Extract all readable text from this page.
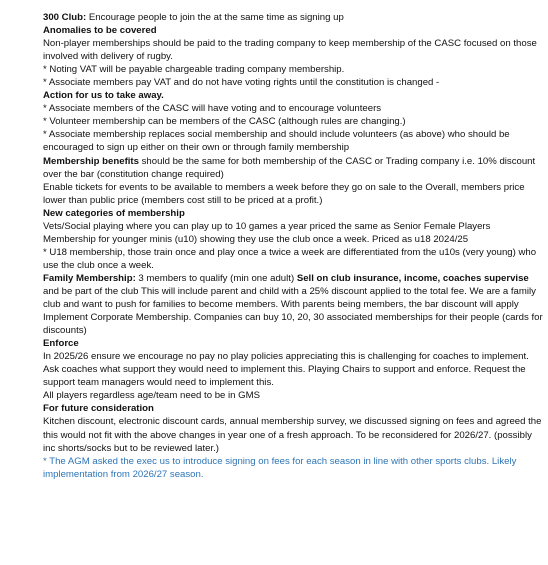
300 Club: Encourage people to join the at the same time as signing up

Anomalies to be covered

Non-player memberships should be paid to the trading company to keep membership of the CASC focused on those involved with delivery of rugby.

* Noting VAT will be payable chargeable trading company membership.

* Associate members pay VAT and do not have voting rights until the constitution is changed -

Action for us to take away.

* Associate members of the CASC will have voting and to encourage volunteers

* Volunteer membership can be members of the CASC (although rules are changing.)

* Associate membership replaces social membership and should include volunteers (as above) who should be encouraged to sign up either on their own or through family membership

Membership benefits should be the same for both membership of the CASC or Trading company i.e. 10% discount over the bar (constitution change required)

Enable tickets for events to be available to members a week before they go on sale to the Overall, members price lower than public price (members cost still to be priced at a profit.)

New categories of membership

Vets/Social playing where you can play up to 10 games a year priced the same as Senior Female Players

Membership for younger minis (u10) showing they use the club once a week. Priced as u18 2024/25

* U18 membership, those train once and play once a twice a week are differentiated from the u10s (very young) who use the club once a week.

Family Membership: 3 members to qualify (min one adult) Sell on club insurance, income, coaches supervise and be part of the club This will include parent and child with a 25% discount applied to the total fee. We are a family club and want to push for families to become members. With parents being members, the bar discount will apply

Implement Corporate Membership. Companies can buy 10, 20, 30 associated memberships for their people (cards for discounts)

Enforce

In 2025/26 ensure we encourage no pay no play policies appreciating this is challenging for coaches to implement. Ask coaches what support they would need to implement this. Playing Chairs to support and enforce. Request the support team managers would need to implement this.

All players regardless age/team need to be in GMS

For future consideration

Kitchen discount, electronic discount cards, annual membership survey, we discussed signing on fees and agreed the this would not fit with the above changes in year one of a fresh approach. To be reconsidered for 2026/27. (possibly inc shorts/socks but to be reviewed later.)

* The AGM asked the exec us to introduce signing on fees for each season in line with other sports clubs. Likely implementation from 2026/27 season.
